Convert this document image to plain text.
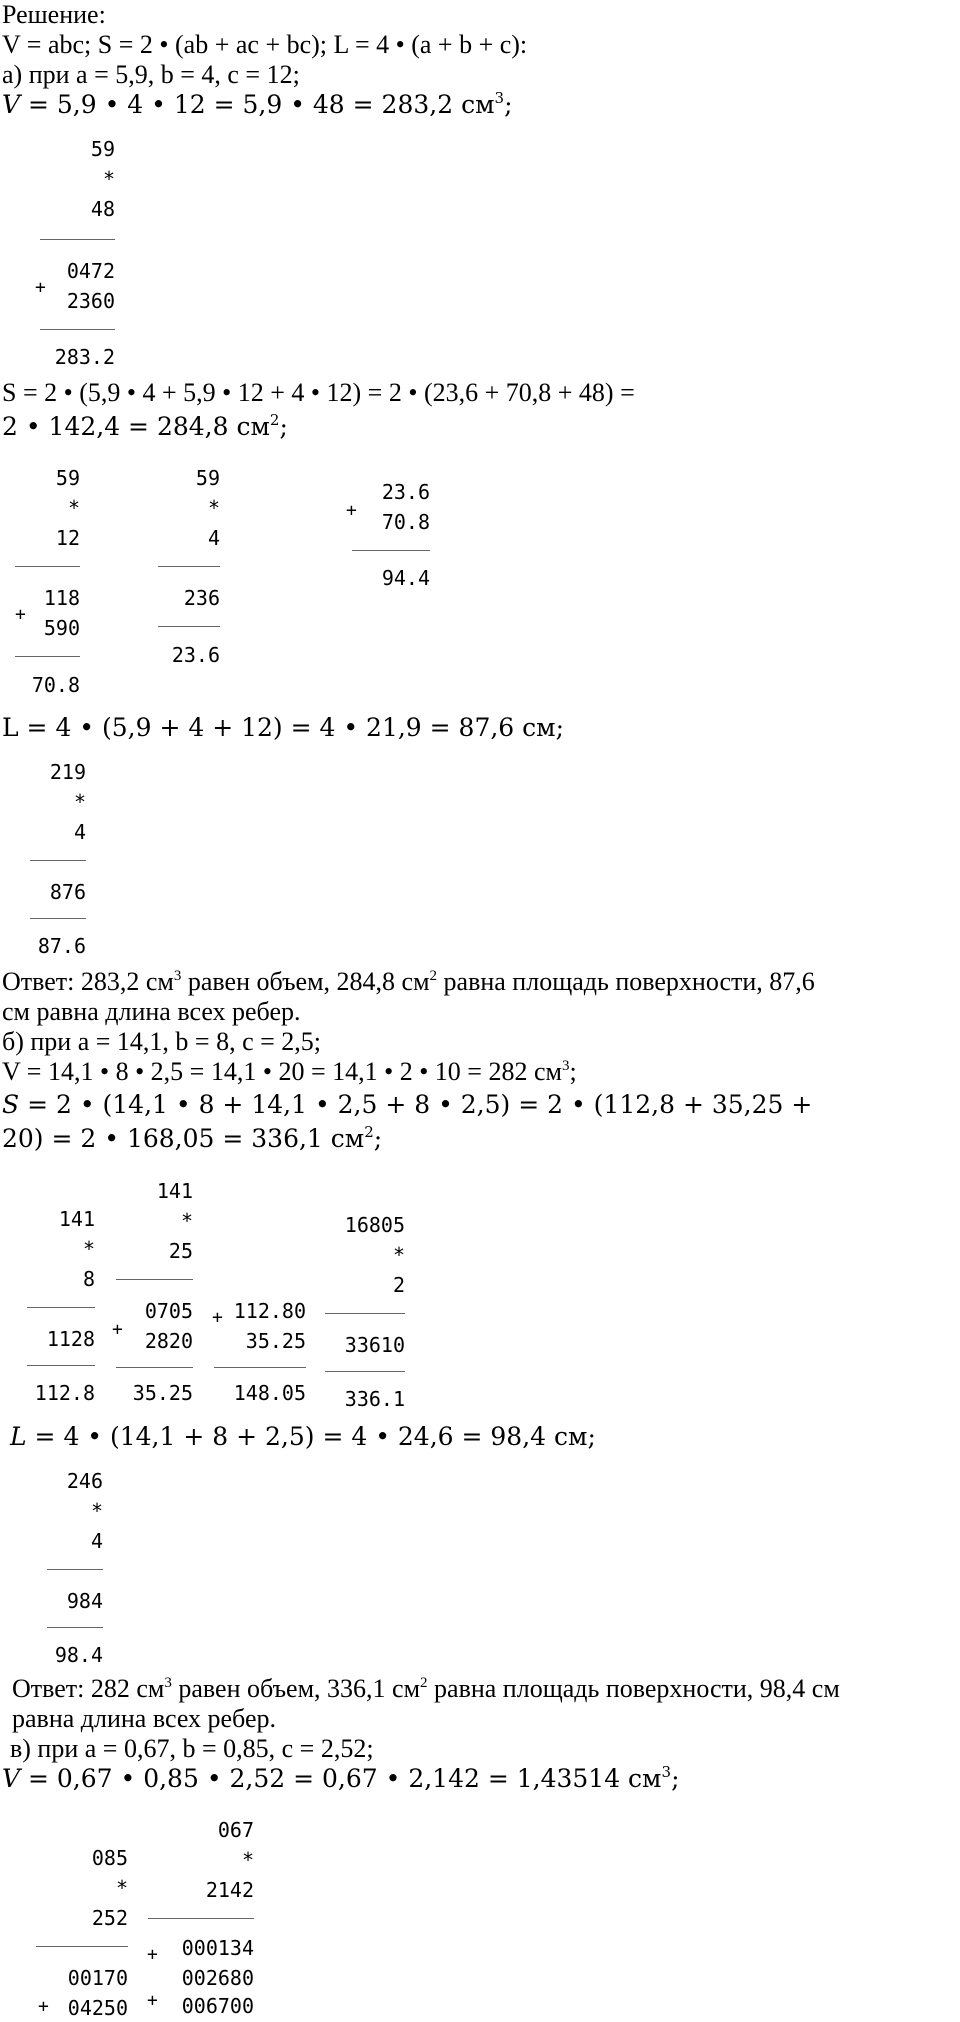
Решение:
V = abc; S = 2 • (ab + ac + bc); L = 4 • (a + b + c):
а) при a = 5,9, b = 4, c = 12;
V = 5,9 • 4 • 12 = 5,9 • 48 = 283,2 $см^3$;
59
*
48
+
0472
2360
283.2
S = 2 • (5,9 • 4 + 5,9 • 12 + 4 • 12) = 2 • (23,6 + 70,8 + 48) =
2 • 142,4 = 284,8 $см^2$;
59
*
12
+
118
590
70.8
59
*
4
236
23.6
+
23.6
70.8
94.4
L = 4 • (5,9 + 4 + 12) = 4 • 21,9 = 87,6 см;
219
*
4
876
87.6
Ответ: 283,2 $см^3$ равен объем, 284,8 $см^2$ равна площадь поверхности, 87,6
см равна длина всех ребер.
б) при a = 14,1, b = 8, c = 2,5;
V = 14,1 • 8 • 2,5 = 14,1 • 20 = 14,1 • 2 • 10 = 282 $см^3$;
S = 2 • (14,1 • 8 + 14,1 • 2,5 + 8 • 2,5) = 2 • (112,8 + 35,25 +
20) = 2 • 168,05 = 336,1 $см^2$;
141
*
8
1128
112.8
141
*
25
+
0705
2820
35.25
+ 112.80
35.25
148.05
16805
*
2
33610
336.1
L = 4 • (14,1 + 8 + 2,5) = 4 • 24,6 = 98,4 см;
246
*
4
984
98.4
Ответ: 282 $см^3$ равен объем, 336,1 $см^2$ равна площадь поверхности, 98,4 см
равна длина всех ребер.
в) при a = 0,67, b = 0,85, c = 2,52;
V = 0,67 • 0,85 • 2,52 = 0,67 • 2,142 = 1,43514 $см^3$;
085
*
252
00170
+ 04250
067
*
2142
+ 000134
002680
+ 006700
